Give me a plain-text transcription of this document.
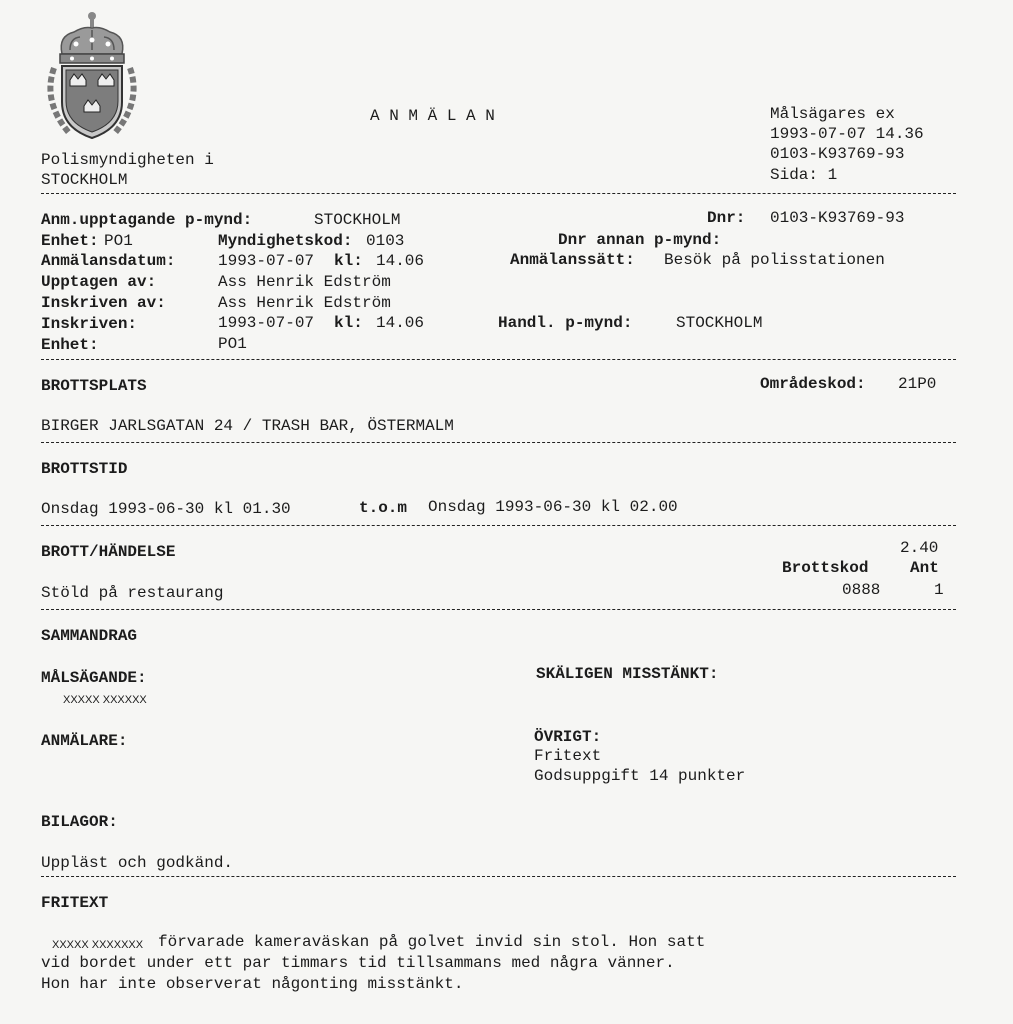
A N M Ä L A N	Målsägares ex
1993-07-07 14.36
0103-K93769-93
Sida: 1
Polismyndigheten i
STOCKHOLM
Anm.upptagande p-mynd:	STOCKHOLM	Dnr: 0103-K93769-93
Enhet: PO1	Myndighetskod: 0103	Dnr annan p-mynd:
Anmälansdatum:	1993-07-07 kl: 14.06	Anmälanssätt: Besök på polisstationen
Upptagen av:	Ass Henrik Edström
Inskriven av:	Ass Henrik Edström
Inskriven:	1993-07-07 kl: 14.06	Handl. p-mynd:	STOCKHOLM
Enhet:	PO1
BROTTSPLATS	Områdeskod: 21P0
BIRGER JARLSGATAN 24 / TRASH BAR, ÖSTERMALM
BROTTSTID
Onsdag 1993-06-30 kl 01.30	t.o.m Onsdag 1993-06-30 kl 02.00
BROTT/HÄNDELSE	2.40
Brottskod	Ant
Stöld på restaurang	0888	1
SAMMANDRAG
MÅLSÄGANDE:
XXXXX XXXXXX
SKÄLIGEN MISSTÄNKT:
ANMÄLARE:	ÖVRIGT:
Fritext
Godsuppgift 14 punkter
BILAGOR:
Uppläst och godkänd.
FRITEXT
XXXXX XXXXXXX förvarade kameraväskan på golvet invid sin stol. Hon satt
vid bordet under ett par timmars tid tillsammans med några vänner.
Hon har inte observerat någonting misstänkt.
